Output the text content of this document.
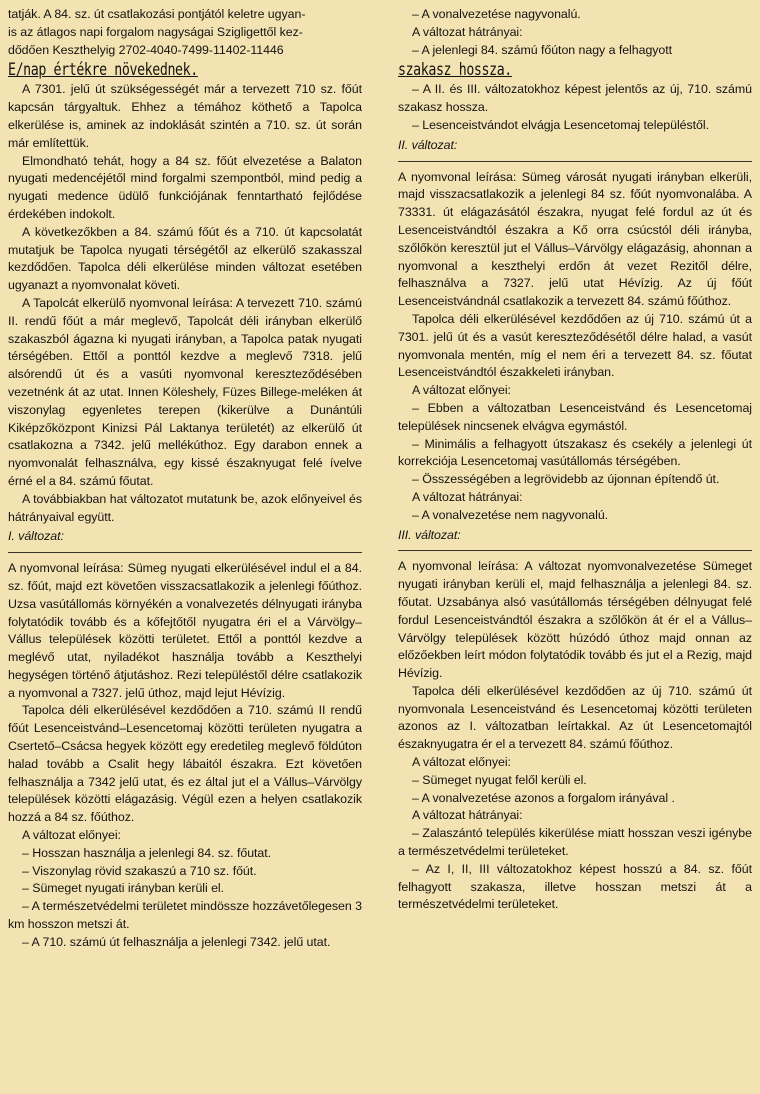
tatják. A 84. sz. út csatlakozási pontjától keletre ugyan-

is az átlagos napi forgalom nagyságai Szigligettől kez-

dődően Keszthelyig 2702-4040-7499-11402-11446

E/nap értékre növekednek.

A 7301. jelű út szükségességét már a tervezett 710 sz. főút kapcsán tárgyaltuk. Ehhez a témához köthető a Tapolca elkerülése is, aminek az indoklását szintén a 710. sz. út során már említettük.

Elmondható tehát, hogy a 84 sz. főút elvezetése a Balaton nyugati medencéjétől mind forgalmi szempontból, mind pedig a nyugati medence üdülő funkciójának fenntartható fejlődése érdekében indokolt.

A következőkben a 84. számú főút és a 710. út kapcsolatát mutatjuk be Tapolca nyugati térségétől az elkerülő szakasszal kezdődően. Tapolca déli elkerülése minden változat esetében ugyanazt a nyomvonalat követi.

A Tapolcát elkerülő nyomvonal leírása: A tervezett 710. számú II. rendű főút a már meglevő, Tapolcát déli irányban elkerülő szakaszból ágazna ki nyugati irányban, a Tapolca patak nyugati térségében. Ettől a ponttól kezdve a meglevő 7318. jelű alsórendű út és a vasúti nyomvonal kereszteződésében vezetnénk át az utat. Innen Köleshely, Füzes Billege-meléken át viszonylag egyenletes terepen (kikerülve a Dunántúli Kiképzőközpont Kinizsi Pál Laktanya területét) az elkerülő út csatlakozna a 7342. jelű mellékúthoz. Egy darabon ennek a nyomvonalát felhasználva, egy kissé északnyugat felé ívelve érné el a 84. számú főutat.

A továbbiakban hat változatot mutatunk be, azok előnyeivel és hátrányaival együtt.

I. változat:

A nyomvonal leírása: Sümeg nyugati elkerülésével indul el a 84. sz. főút, majd ezt követően visszacsatlakozik a jelenlegi főúthoz. Uzsa vasútállomás környékén a vonalvezetés délnyugati irányba folytatódik tovább és a kőfejtőtől nyugatra éri el a Várvölgy–Vállus települések közötti területet. Ettől a ponttól kezdve a meglévő utat, nyiladékot használja tovább a Keszthelyi hegységen történő átjutáshoz. Rezi településtől délre csatlakozik a nyomvonal a 7327. jelű úthoz, majd lejut Hévízig.

Tapolca déli elkerülésével kezdődően a 710. számú II rendű főút Lesenceistvánd–Lesencetomaj közötti területen nyugatra a Csertető–Csácsa hegyek között egy eredetileg meglevő földúton halad tovább a Csalit hegy lábaitól északra. Ezt követően felhasználja a 7342 jelű utat, és ez által jut el a Vállus–Várvölgy települések közötti elágazásig. Végül ezen a helyen csatlakozik hozzá a 84 sz. főúthoz.

A változat előnyei:

– Hosszan használja a jelenlegi 84. sz. főutat.

– Viszonylag rövid szakaszú a 710 sz. főút.

– Sümeget nyugati irányban kerüli el.

– A természetvédelmi területet mindössze hozzávetőlegesen 3 km hosszon metszi át.

– A 710. számú út felhasználja a jelenlegi 7342. jelű utat.

– A vonalvezetése nagyvonalú.

A változat hátrányai:

– A jelenlegi 84. számú főúton nagy a felhagyott

szakasz hossza.

– A II. és III. változatokhoz képest jelentős az új, 710. számú szakasz hossza.

– Lesenceistvándot elvágja Lesencetomaj településtől.

II. változat:

A nyomvonal leírása: Sümeg városát nyugati irányban elkerüli, majd visszacsatlakozik a jelenlegi 84 sz. főút nyomvonalába. A 73331. út elágazásától északra, nyugat felé fordul az út és Lesenceistvándtól északra a Kő orra csúcstól déli irányba, szőlőkön keresztül jut el Vállus–Várvölgy elágazásig, ahonnan a nyomvonal a keszthelyi erdőn át vezet Rezitől délre, felhasználva a 7327. jelű utat Hévízig. Az új főút Lesenceistvándnál csatlakozik a tervezett 84. számú főúthoz.

Tapolca déli elkerülésével kezdődően az új 710. számú út a 7301. jelű út és a vasút kereszteződésétől délre halad, a vasút nyomvonala mentén, míg el nem éri a tervezett 84. sz. főutat Lesenceistvándtól északkeleti irányban.

A változat előnyei:

– Ebben a változatban Lesenceistvánd és Lesencetomaj települések nincsenek elvágva egymástól.

– Minimális a felhagyott útszakasz és csekély a jelenlegi út korrekciója Lesencetomaj vasútállomás térségében.

– Összességében a legrövidebb az újonnan építendő út.

A változat hátrányai:

– A vonalvezetése nem nagyvonalú.

III. változat:

A nyomvonal leírása: A változat nyomvonalvezetése Sümeget nyugati irányban kerüli el, majd felhasználja a jelenlegi 84. sz. főutat. Uzsabánya alsó vasútállomás térségében délnyugat felé fordul Lesenceistvándtól északra a szőlőkön át ér el a Vállus–Várvölgy települések között húzódó úthoz majd onnan az előzőekben leírt módon folytatódik tovább és jut el a Rezig, majd Hévízig.

Tapolca déli elkerülésével kezdődően az új 710. számú út nyomvonala Lesenceistvánd és Lesencetomaj közötti területen azonos az I. változatban leírtakkal. Az út Lesencetomajtól északnyugatra ér el a tervezett 84. számú főúthoz.

A változat előnyei:

– Sümeget nyugat felől kerüli el.

– A vonalvezetése azonos a forgalom irányával .

A változat hátrányai:

– Zalaszántó település kikerülése miatt hosszan veszi igénybe a természetvédelmi területeket.

– Az I, II, III változatokhoz képest hosszú a 84. sz. főút felhagyott szakasza, illetve hosszan metszi át a természetvédelmi területeket.
